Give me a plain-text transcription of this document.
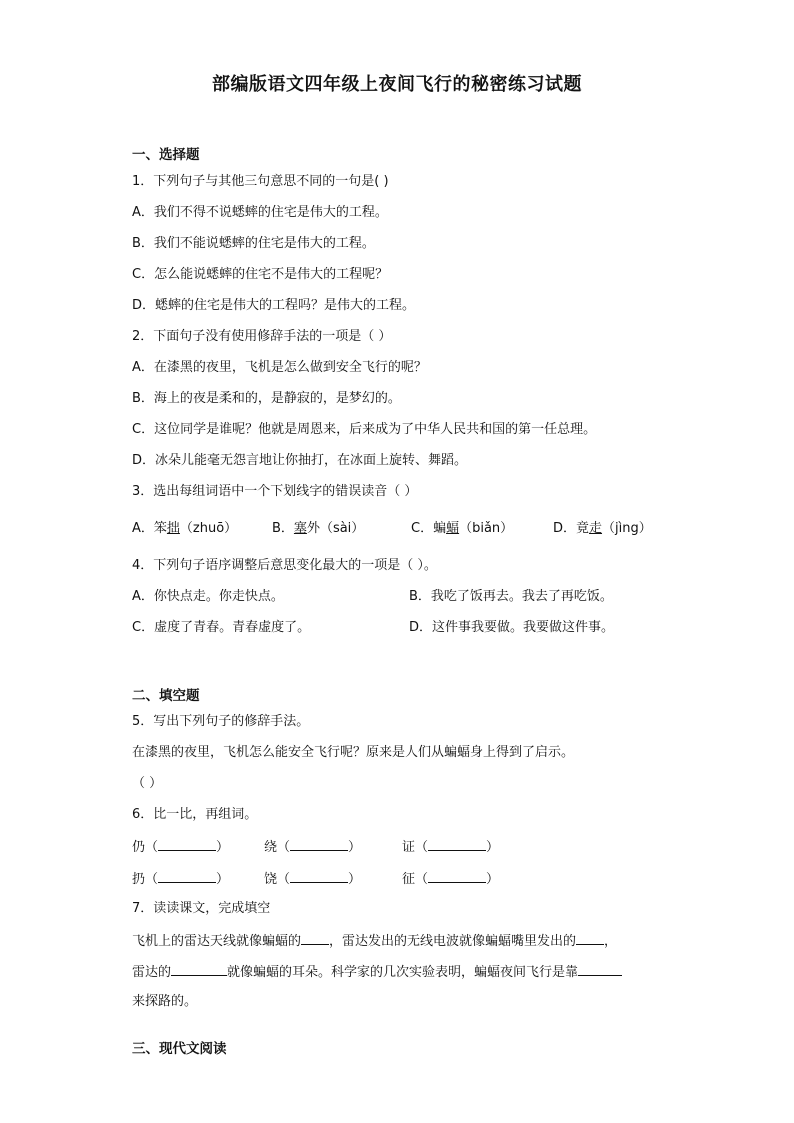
部编版语文四年级上夜间飞行的秘密练习试题
一、选择题
1．下列句子与其他三句意思不同的一句是( )
A．我们不得不说蟋蟀的住宅是伟大的工程。
B．我们不能说蟋蟀的住宅是伟大的工程。
C．怎么能说蟋蟀的住宅不是伟大的工程呢？
D．蟋蟀的住宅是伟大的工程吗？是伟大的工程。
2．下面句子没有使用修辞手法的一项是（ ）
A．在漆黑的夜里，飞机是怎么做到安全飞行的呢？
B．海上的夜是柔和的，是静寂的，是梦幻的。
C．这位同学是谁呢？他就是周恩来，后来成为了中华人民共和国的第一任总理。
D．冰朵儿能毫无怨言地让你抽打，在冰面上旋转、舞蹈。
3．选出每组词语中一个下划线字的错误读音（ ）
A．笨拙（zhuō）	B．塞外（sài）	C．蝙蝠（biǎn）	D．竟走（jìng）
4．下列句子语序调整后意思变化最大的一项是（ ）。
A．你快点走。你走快点。	B．我吃了饭再去。我去了再吃饭。
C．虚度了青春。青春虚度了。	D．这件事我要做。我要做这件事。
二、填空题
5．写出下列句子的修辞手法。
在漆黑的夜里，飞机怎么能安全飞行呢？原来是人们从蝙蝠身上得到了启示。
（ ）
6．比一比，再组词。
仍（	）	绕（	）	证（	）
扔（	）	饶（	）	征（	）
7．读读课文，完成填空
飞机上的雷达天线就像蝙蝠的 ，雷达发出的无线电波就像蝙蝠嘴里发出的 ，
雷达的	就像蝙蝠的耳朵。科学家的几次实验表明，蝙蝠夜间飞行是靠
来探路的。
三、现代文阅读
